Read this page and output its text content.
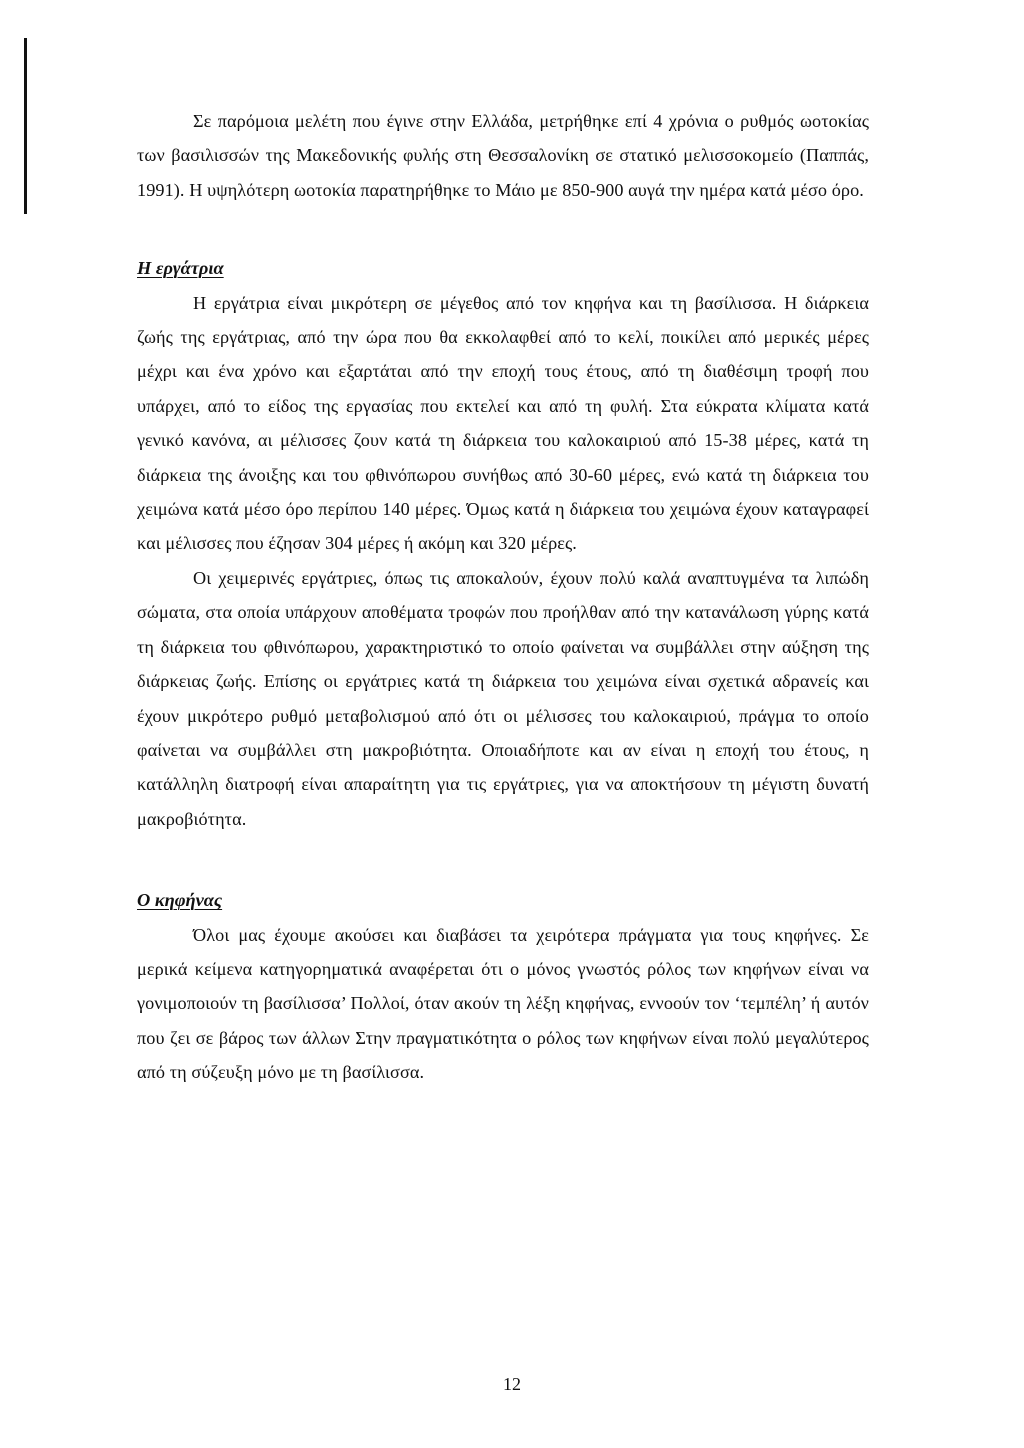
Σε παρόμοια μελέτη που έγινε στην Ελλάδα, μετρήθηκε επί 4 χρόνια ο ρυθμός ωοτοκίας των βασιλισσών της Μακεδονικής φυλής στη Θεσσαλονίκη σε στατικό μελισσοκομείο (Παππάς, 1991). Η υψηλότερη ωοτοκία παρατηρήθηκε το Μάιο με 850-900 αυγά την ημέρα κατά μέσο όρο.

Η εργάτρια

Η εργάτρια είναι μικρότερη σε μέγεθος από τον κηφήνα και τη βασίλισσα. Η διάρκεια ζωής της εργάτριας, από την ώρα που θα εκκολαφθεί από το κελί, ποικίλει από μερικές μέρες μέχρι και ένα χρόνο και εξαρτάται από την εποχή τους έτους, από τη διαθέσιμη τροφή που υπάρχει, από το είδος της εργασίας που εκτελεί και από τη φυλή. Στα εύκρατα κλίματα κατά γενικό κανόνα, αι μέλισσες ζουν κατά τη διάρκεια του καλοκαιριού από 15-38 μέρες, κατά τη διάρκεια της άνοιξης και του φθινόπωρου συνήθως από 30-60 μέρες, ενώ κατά τη διάρκεια του χειμώνα κατά μέσο όρο περίπου 140 μέρες. Όμως κατά η διάρκεια του χειμώνα έχουν καταγραφεί και μέλισσες που έζησαν 304 μέρες ή ακόμη και 320 μέρες.

Οι χειμερινές εργάτριες, όπως τις αποκαλούν, έχουν πολύ καλά αναπτυγμένα τα λιπώδη σώματα, στα οποία υπάρχουν αποθέματα τροφών που προήλθαν από την κατανάλωση γύρης κατά τη διάρκεια του φθινόπωρου, χαρακτηριστικό το οποίο φαίνεται να συμβάλλει στην αύξηση της διάρκειας ζωής. Επίσης οι εργάτριες κατά τη διάρκεια του χειμώνα είναι σχετικά αδρανείς και έχουν μικρότερο ρυθμό μεταβολισμού από ότι οι μέλισσες του καλοκαιριού, πράγμα το οποίο φαίνεται να συμβάλλει στη μακροβιότητα. Οποιαδήποτε και αν είναι η εποχή του έτους, η κατάλληλη διατροφή είναι απαραίτητη για τις εργάτριες, για να αποκτήσουν τη μέγιστη δυνατή μακροβιότητα.

Ο κηφήνας

Όλοι μας έχουμε ακούσει και διαβάσει τα χειρότερα πράγματα για τους κηφήνες. Σε μερικά κείμενα κατηγορηματικά αναφέρεται ότι ο μόνος γνωστός ρόλος των κηφήνων είναι να γονιμοποιούν τη βασίλισσα’ Πολλοί, όταν ακούν τη λέξη κηφήνας, εννοούν τον ‘τεμπέλη’ ή αυτόν που ζει σε βάρος των άλλων Στην πραγματικότητα ο ρόλος των κηφήνων είναι πολύ μεγαλύτερος από τη σύζευξη μόνο με τη βασίλισσα.

12
